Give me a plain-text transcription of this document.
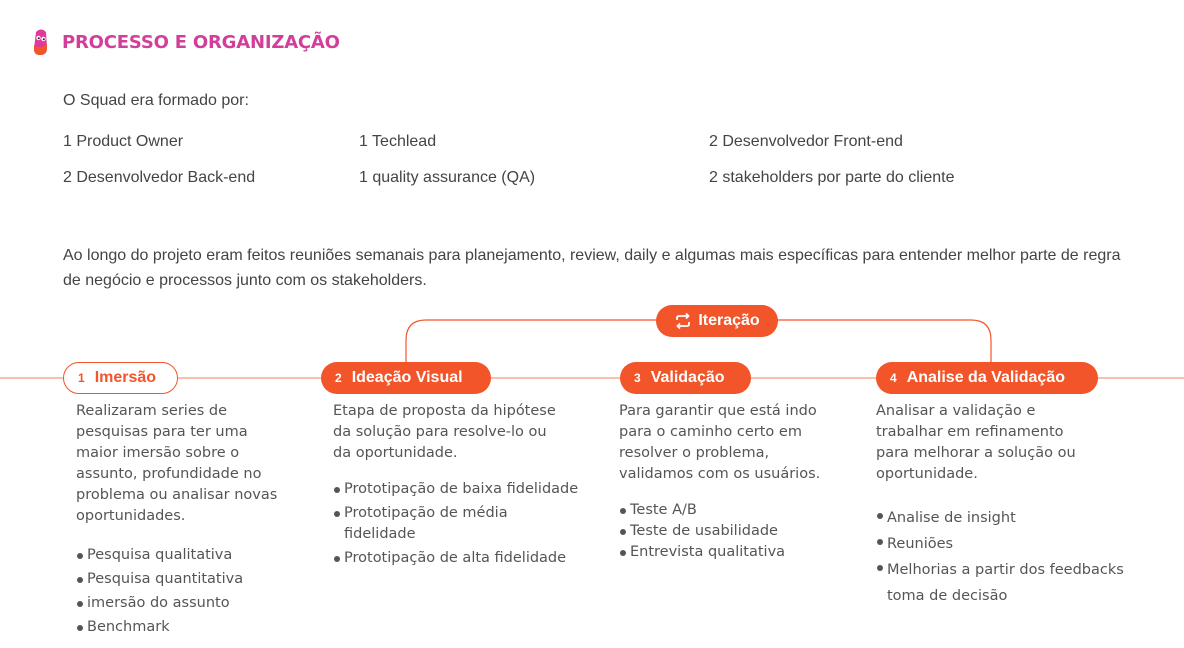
PROCESSO E ORGANIZAÇÃO
O Squad era formado por:
1 Product Owner	1 Techlead	2 Desenvolvedor Front-end
2 Desenvolvedor Back-end	1 quality assurance (QA)	2 stakeholders por parte do cliente
Ao longo do projeto eram feitos reuniões semanais para planejamento, review, daily e algumas mais específicas para entender melhor parte de regra de negócio e processos junto com os stakeholders.
Iteração
1 Imersão	2 Ideação Visual	3 Validação	4 Analise da Validação
Realizaram series de
pesquisas para ter uma
maior imersão sobre o
assunto, profundidade no
problema ou analisar novas
oportunidades.
Pesquisa qualitativa
Pesquisa quantitativa
imersão do assunto
Benchmark
Etapa de proposta da hipótese
da solução para resolve-lo ou
da oportunidade.
Prototipação de baixa fidelidade
Prototipação de média
fidelidade
Prototipação de alta fidelidade
Para garantir que está indo
para o caminho certo em
resolver o problema,
validamos com os usuários.
Teste A/B
Teste de usabilidade
Entrevista qualitativa
Analisar a validação e
trabalhar em refinamento
para melhorar a solução ou
oportunidade.
Analise de insight
Reuniões
Melhorias a partir dos feedbacks
toma de decisão
